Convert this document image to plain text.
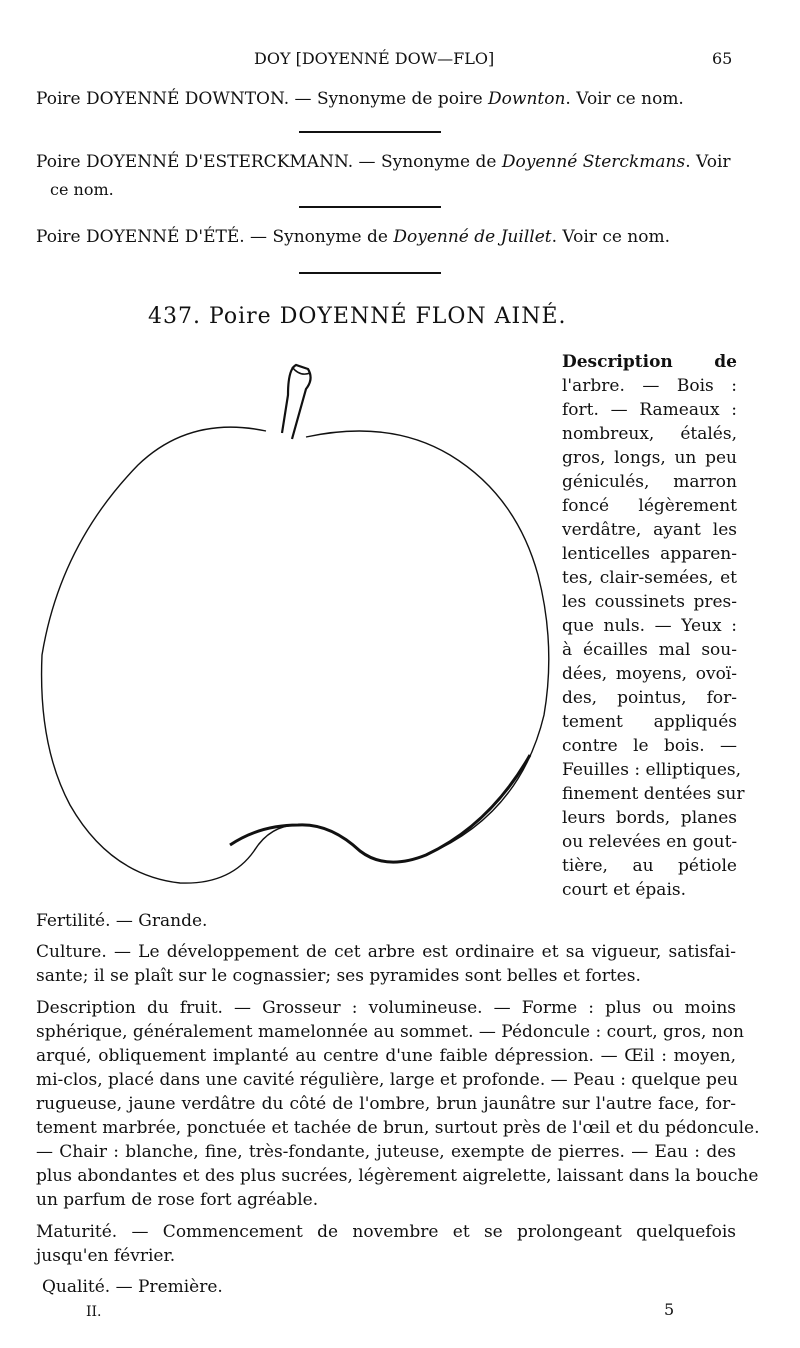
DOY [DOYENNÉ DOW—FLO]	65
Poire DOYENNÉ DOWNTON. — Synonyme de poire Downton. Voir ce nom.
Poire DOYENNÉ D'ESTERCKMANN. — Synonyme de Doyenné Sterckmans. Voir
ce nom.
Poire DOYENNÉ D'ÉTÉ. — Synonyme de Doyenné de Juillet. Voir ce nom.
437. Poire DOYENNÉ FLON AINÉ.
Description de
l'arbre. — Bois :
fort. — Rameaux :
nombreux, étalés,
gros, longs, un peu
géniculés, marron
foncé légèrement
verdâtre, ayant les
lenticelles apparen-
tes, clair-semées, et
les coussinets pres-
que nuls. — Yeux :
à écailles mal sou-
dées, moyens, ovoï-
des, pointus, for-
tement appliqués
contre le bois. —
Feuilles : elliptiques,
finement dentées sur
leurs bords, planes
ou relevées en gout-
tière, au pétiole
court et épais.
Fertilité. — Grande.
Culture. — Le développement de cet arbre est ordinaire et sa vigueur, satisfai-
sante; il se plaît sur le cognassier; ses pyramides sont belles et fortes.
Description du fruit. — Grosseur : volumineuse. — Forme : plus ou moins
sphérique, généralement mamelonnée au sommet. — Pédoncule : court, gros, non
arqué, obliquement implanté au centre d'une faible dépression. — Œil : moyen,
mi-clos, placé dans une cavité régulière, large et profonde. — Peau : quelque peu
rugueuse, jaune verdâtre du côté de l'ombre, brun jaunâtre sur l'autre face, for-
tement marbrée, ponctuée et tachée de brun, surtout près de l'œil et du pédoncule.
— Chair : blanche, fine, très-fondante, juteuse, exempte de pierres. — Eau : des
plus abondantes et des plus sucrées, légèrement aigrelette, laissant dans la bouche
un parfum de rose fort agréable.
Maturité. — Commencement de novembre et se prolongeant quelquefois
jusqu'en février.
Qualité. — Première.
II.	5
